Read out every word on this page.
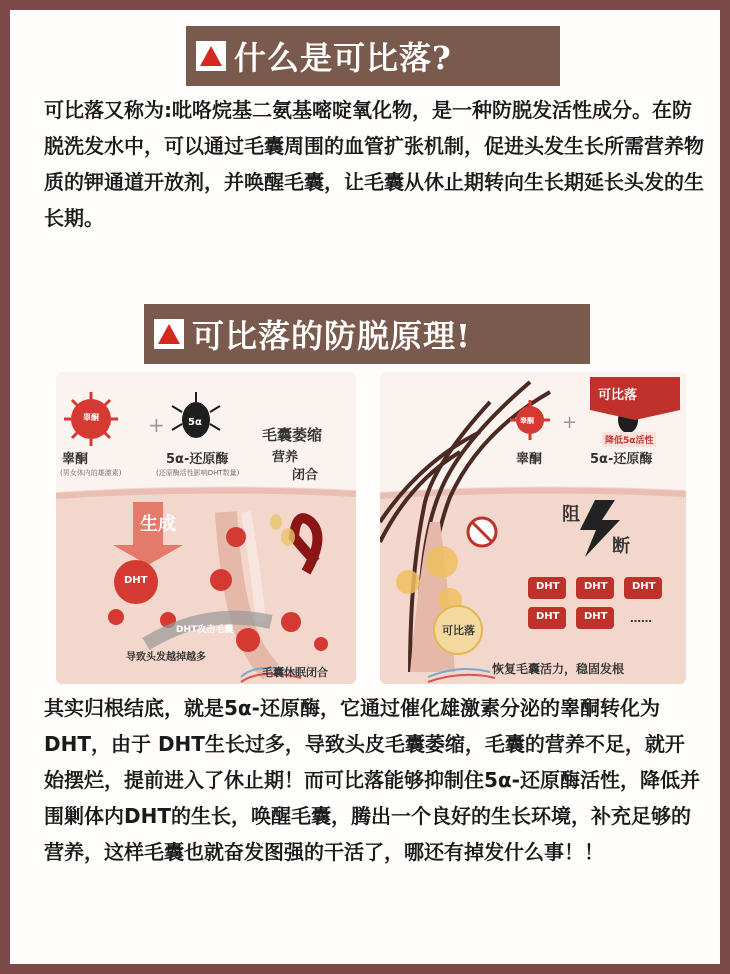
什么是可比落?

可比落又称为:吡咯烷基二氨基嘧啶氧化物，是一种防脱发活性成分。在防脱洗发水中，可以通过毛囊周围的血管扩张机制，促进头发生长所需营养物质的钾通道开放剂，并唤醒毛囊，让毛囊从休止期转向生长期延长头发的生长期。

可比落的防脱原理!
+
睾酮
(男女体内的雄激素)
睾酮
5α-还原酶
(还原酶活性影响DHT数量)
5α
毛囊萎缩
营养
闭合
生成
DHT
DHT攻击毛囊
导致头发越掉越多
毛囊休眠闭合
+
可比落
降低5α活性
睾酮
睾酮	5α-还原酶
阻
断
DHT DHT DHT
DHT DHT ……
可比落
恢复毛囊活力，稳固发根

其实归根结底，就是5α-还原酶，它通过催化雄激素分泌的睾酮转化为 DHT，由于 DHT生长过多，导致头皮毛囊萎缩，毛囊的营养不足，就开始摆烂，提前进入了休止期！而可比落能够抑制住5α-还原酶活性，降低并围剿体内DHT的生长，唤醒毛囊，腾出一个良好的生长环境，补充足够的营养，这样毛囊也就奋发图强的干活了，哪还有掉发什么事！！
